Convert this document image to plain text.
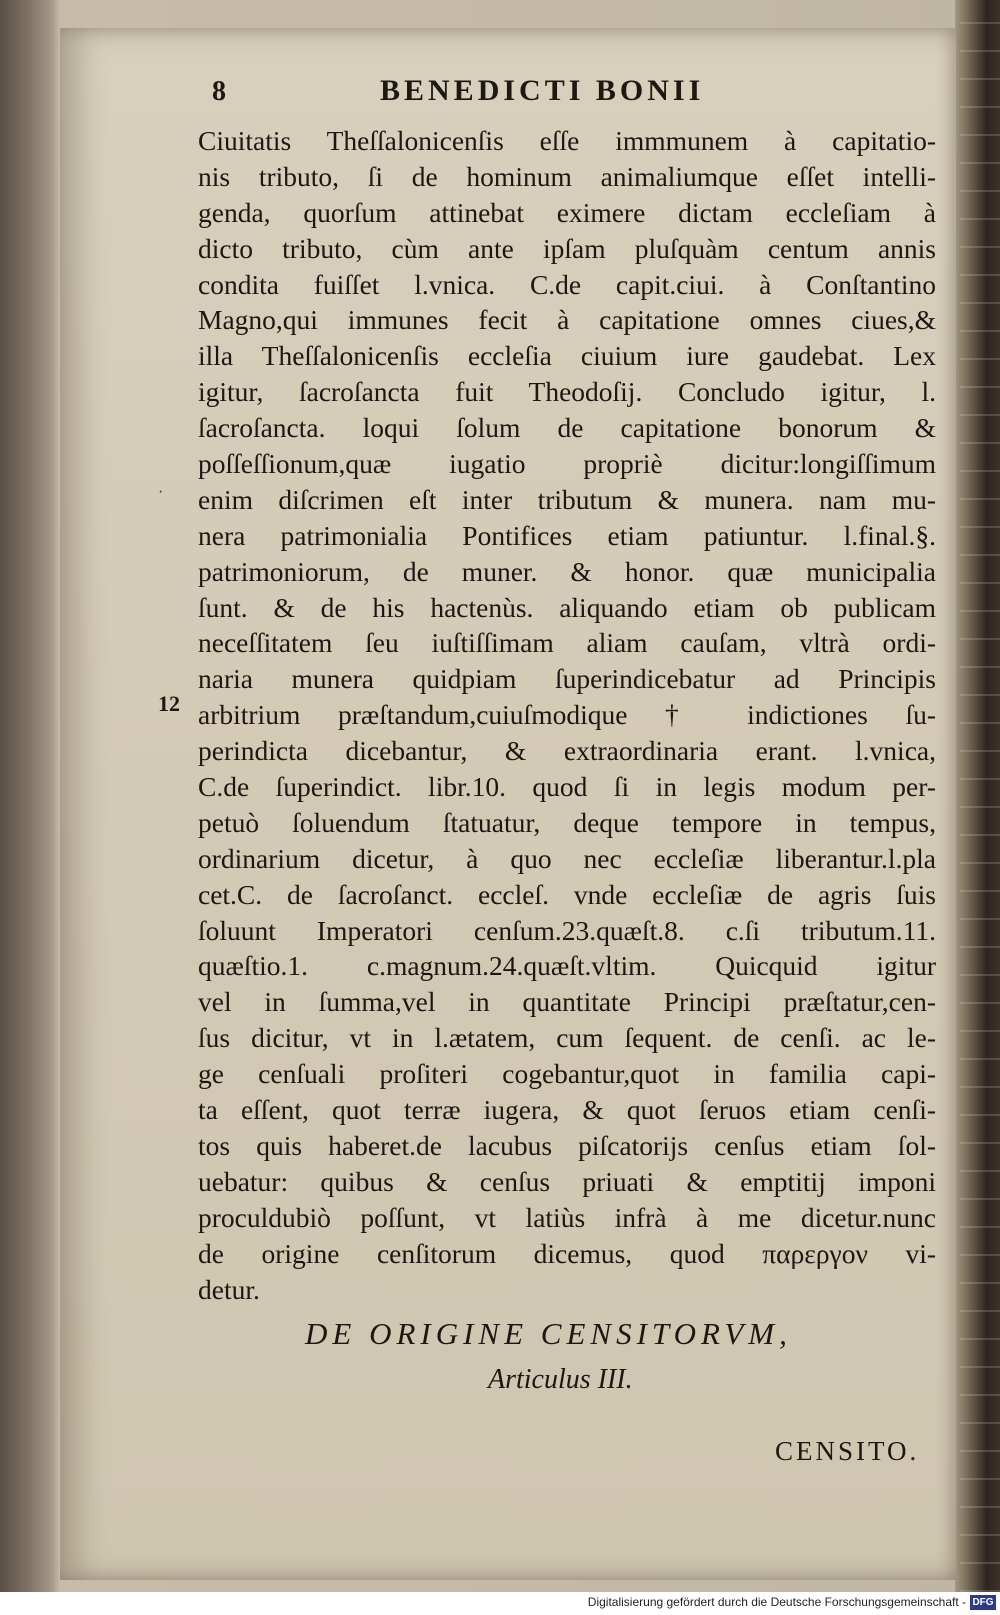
8	BENEDICTI BONII
·
12
Ciuitatis Theſſalonicenſis eſſe immmunem à capitatio-
nis tributo, ſi de hominum animaliumque eſſet intelli-
genda, quorſum attinebat eximere dictam eccleſiam à
dicto tributo, cùm ante ipſam pluſquàm centum annis
condita fuiſſet l.vnica. C.de capit.ciui. à Conſtantino
Magno,qui immunes fecit à capitatione omnes ciues,&
illa Theſſalonicenſis eccleſia ciuium iure gaudebat. Lex
igitur, ſacroſancta fuit Theodoſij. Concludo igitur, l.
ſacroſancta. loqui ſolum de capitatione bonorum &
poſſeſſionum,quæ iugatio propriè dicitur:longiſſimum
enim diſcrimen eſt inter tributum & munera. nam mu-
nera patrimonialia Pontifices etiam patiuntur. l.final.§.
patrimoniorum, de muner. & honor. quæ municipalia
ſunt. & de his hactenùs. aliquando etiam ob publicam
neceſſitatem ſeu iuſtiſſimam aliam cauſam, vltrà ordi-
naria munera quidpiam ſuperindicebatur ad Principis
arbitrium præſtandum,cuiuſmodique † indictiones ſu-
perindicta dicebantur, & extraordinaria erant. l.vnica,
C.de ſuperindict. libr.10. quod ſi in legis modum per-
petuò ſoluendum ſtatuatur, deque tempore in tempus,
ordinarium dicetur, à quo nec eccleſiæ liberantur.l.pla
cet.C. de ſacroſanct. eccleſ. vnde eccleſiæ de agris ſuis
ſoluunt Imperatori cenſum.23.quæſt.8. c.ſi tributum.11.
quæſtio.1. c.magnum.24.quæſt.vltim. Quicquid igitur
vel in ſumma,vel in quantitate Principi præſtatur,cen-
ſus dicitur, vt in l.ætatem, cum ſequent. de cenſi. ac le-
ge cenſuali proſiteri cogebantur,quot in familia capi-
ta eſſent, quot terræ iugera, & quot ſeruos etiam cenſi-
tos quis haberet.de lacubus piſcatorijs cenſus etiam ſol-
uebatur: quibus & cenſus priuati & emptitij imponi
proculdubiò poſſunt, vt latiùs infrà à me dicetur.nunc
de origine cenſitorum dicemus, quod παρεργον vi-
detur.
DE ORIGINE CENSITORVM,
Articulus III.
CENSITO.
Digitalisierung gefördert durch die Deutsche Forschungsgemeinschaft - DFG
